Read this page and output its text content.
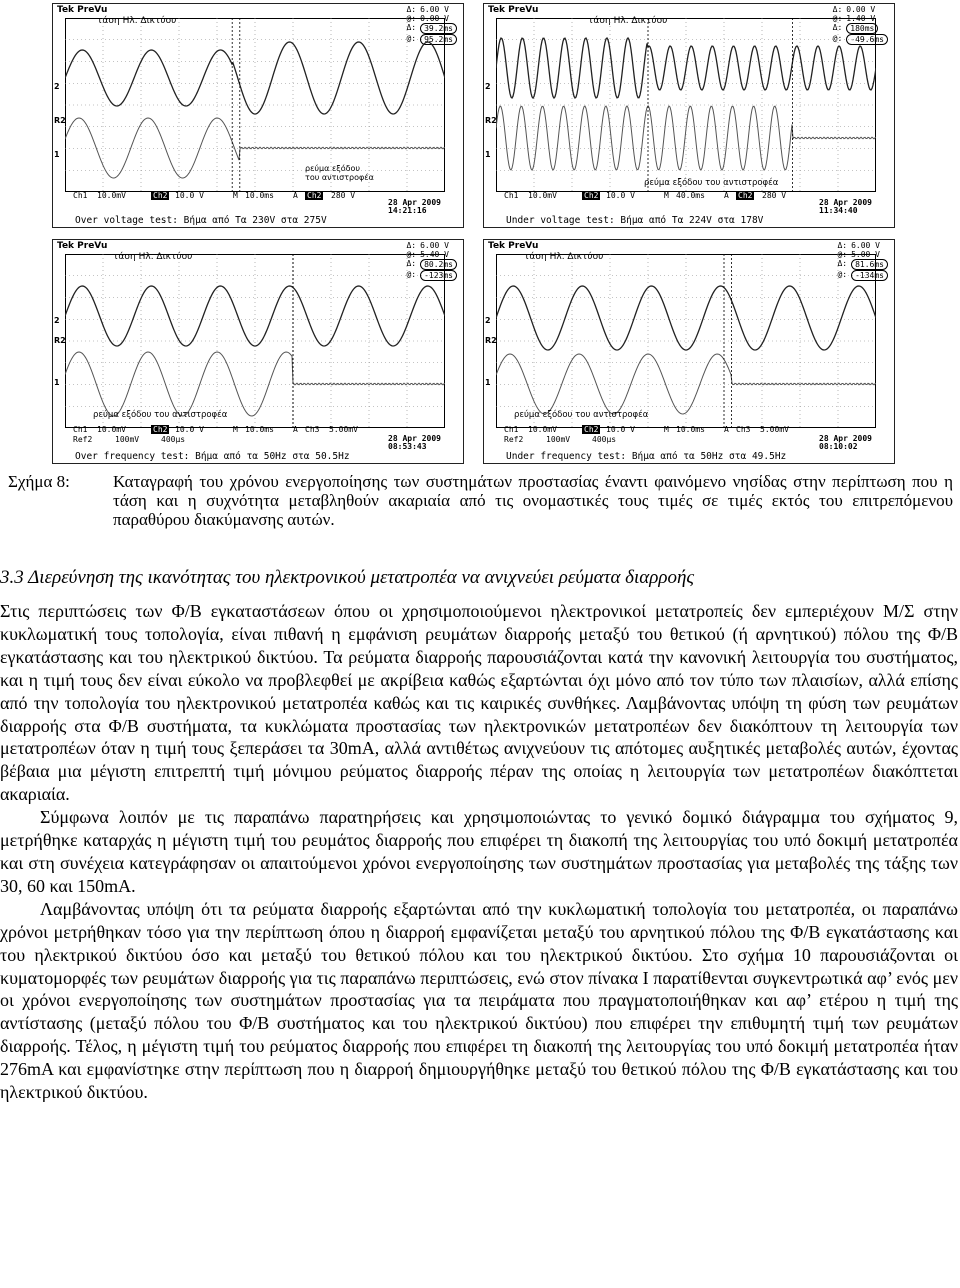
Tek PreVu
τάση Ηλ. Δικτύου
Δ: 6.00 V
@: 0.00 V
Δ:	39.2ms
@:	95.2ms
2
R2
1
ρεύμα εξόδου
του αντιστροφέα
Ch1 10.0mV	Ch2 10.0 V	M 10.0ms A Ch2 280 V
28 Apr 2009
14:21:16
Over voltage test: Βήμα από Τα 230V στα 275V
Tek PreVu
τάση Ηλ. Δικτύου
Δ: 0.00 V
@: 1.40 V
Δ:	180ms
@:	-49.6ms
2
R2
1
ρεύμα εξόδου του αντιστροφέα
Ch1 10.0mV	Ch2 10.0 V	M 40.0ms A Ch2 280 V
28 Apr 2009
11:34:40
Under voltage test: Βήμα από Τα 224V στα 178V
Tek PreVu
τάση Ηλ. Δικτύου
Δ: 6.00 V
@: 5.40 V
Δ:	80.2ms
@:	-123ms
2
R2
1
ρεύμα εξόδου του αντιστροφέα
Ch1 10.0mV	Ch2 10.0 V	M 10.0ms A Ch3 5.00mV
Ref2	100mV	400µs	28 Apr 2009
08:53:43
Over frequency test: Βήμα από τα 50Hz στα 50.5Hz
Tek PreVu
τάση Ηλ. Δικτύου
Δ: 6.00 V
@: 5.00 V
Δ:	81.6ms
@:	-134ms
2
R2
1
ρεύμα εξόδου του αντιστροφέα
Ch1 10.0mV	Ch2 10.0 V	M 10.0ms A Ch3 5.00mV
Ref2	100mV	400µs	28 Apr 2009
08:10:02
Under frequency test: Βήμα από τα 50Hz στα 49.5Hz
Σχήμα 8:	Καταγραφή του χρόνου ενεργοποίησης των συστημάτων προστασίας έναντι φαινόμενο νησίδας στην περίπτωση που η τάση και η συχνότητα μεταβληθούν ακαριαία από τις ονομαστικές τους τιμές σε τιμές εκτός του επιτρεπόμενου παραθύρου διακύμανσης αυτών.
3.3 Διερεύνηση της ικανότητας του ηλεκτρονικού μετατροπέα να ανιχνεύει ρεύματα διαρροής

Στις περιπτώσεις των Φ/Β εγκαταστάσεων όπου οι χρησιμοποιούμενοι ηλεκτρονικοί μετατροπείς δεν εμπεριέχουν Μ/Σ στην κυκλωματική τους τοπολογία, είναι πιθανή η εμφάνιση ρευμάτων διαρροής μεταξύ του θετικού (ή αρνητικού) πόλου της Φ/Β εγκατάστασης και του ηλεκτρικού δικτύου. Τα ρεύματα διαρροής παρουσιάζονται κατά την κανονική λειτουργία του συστήματος, και η τιμή τους δεν είναι εύκολο να προβλεφθεί με ακρίβεια καθώς εξαρτώνται όχι μόνο από τον τύπο των πλαισίων, αλλά επίσης από την τοπολογία του ηλεκτρονικού μετατροπέα καθώς και τις καιρικές συνθήκες. Λαμβάνοντας υπόψη τη φύση των ρευμάτων διαρροής στα Φ/Β συστήματα, τα κυκλώματα προστασίας των ηλεκτρονικών μετατροπέων δεν διακόπτουν τη λειτουργία των μετατροπέων όταν η τιμή τους ξεπεράσει τα 30mA, αλλά αντιθέτως ανιχνεύουν τις απότομες αυξητικές μεταβολές αυτών, έχοντας βέβαια μια μέγιστη επιτρεπτή τιμή μόνιμου ρεύματος διαρροής πέραν της οποίας η λειτουργία των μετατροπέων διακόπτεται ακαριαία.

Σύμφωνα λοιπόν με τις παραπάνω παρατηρήσεις και χρησιμοποιώντας το γενικό δομικό διάγραμμα του σχήματος 9, μετρήθηκε καταρχάς η μέγιστη τιμή του ρευμάτος διαρροής που επιφέρει τη διακοπή της λειτουργίας του υπό δοκιμή μετατροπέα και στη συνέχεια κατεγράφησαν οι απαιτούμενοι χρόνοι ενεργοποίησης των συστημάτων προστασίας για μεταβολές της τάξης των 30, 60 και 150mA.

Λαμβάνοντας υπόψη ότι τα ρεύματα διαρροής εξαρτώνται από την κυκλωματική τοπολογία του μετατροπέα, οι παραπάνω χρόνοι μετρήθηκαν τόσο για την περίπτωση όπου η διαρροή εμφανίζεται μεταξύ του αρνητικού πόλου της Φ/Β εγκατάστασης και του ηλεκτρικού δικτύου όσο και μεταξύ του θετικού πόλου και του ηλεκτρικού δικτύου. Στο σχήμα 10 παρουσιάζονται οι κυματομορφές των ρευμάτων διαρροής για τις παραπάνω περιπτώσεις, ενώ στον πίνακα Ι παρατίθενται συγκεντρωτικά αφ’ ενός μεν οι χρόνοι ενεργοποίησης των συστημάτων προστασίας για τα πειράματα που πραγματοποιήθηκαν και αφ’ ετέρου η τιμή της αντίστασης (μεταξύ πόλου του Φ/Β συστήματος και του ηλεκτρικού δικτύου) που επιφέρει την επιθυμητή τιμή των ρευμάτων διαρροής. Τέλος, η μέγιστη τιμή του ρεύματος διαρροής που επιφέρει τη διακοπή της λειτουργίας του υπό δοκιμή μετατροπέα ήταν 276mA και εμφανίστηκε στην περίπτωση που η διαρροή δημιουργήθηκε μεταξύ του θετικού πόλου της Φ/Β εγκατάστασης και του ηλεκτρικού δικτύου.
